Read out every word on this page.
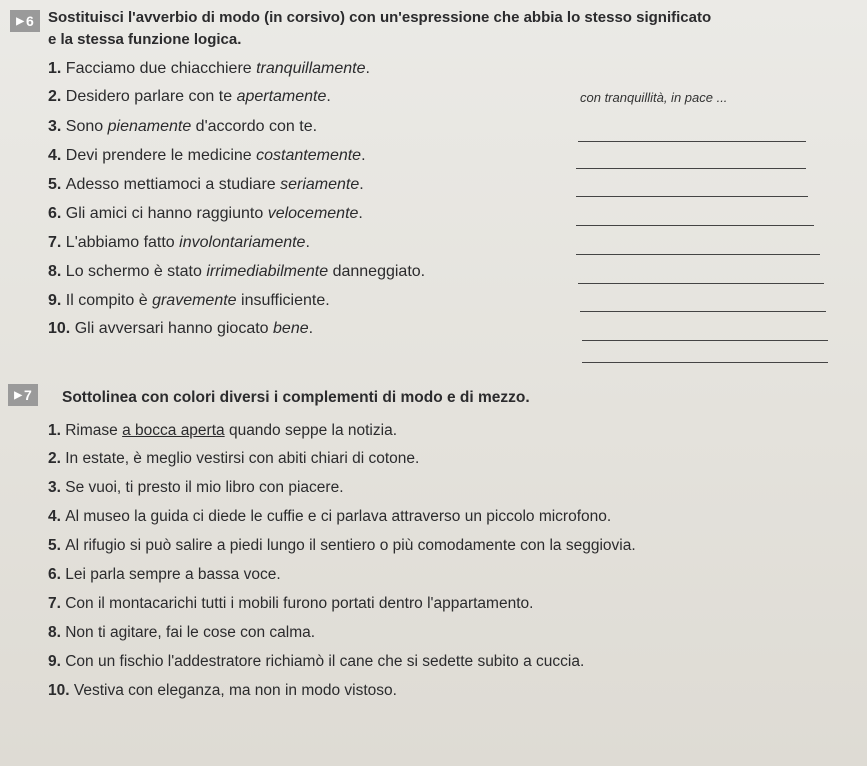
▶ 6 Sostituisci l'avverbio di modo (in corsivo) con un'espressione che abbia lo stesso significato
e la stessa funzione logica.
1. Facciamo due chiacchiere tranquillamente.
2. Desidero parlare con te apertamente.
3. Sono pienamente d'accordo con te.
4. Devi prendere le medicine costantemente.
5. Adesso mettiamoci a studiare seriamente.
6. Gli amici ci hanno raggiunto velocemente.
7. L'abbiamo fatto involontariamente.
8. Lo schermo è stato irrimediabilmente danneggiato.
9. Il compito è gravemente insufficiente.
10. Gli avversari hanno giocato bene.
con tranquillità, in pace ...
▶ 7 Sottolinea con colori diversi i complementi di modo e di mezzo.
1. Rimase a bocca aperta quando seppe la notizia.
2. In estate, è meglio vestirsi con abiti chiari di cotone.
3. Se vuoi, ti presto il mio libro con piacere.
4. Al museo la guida ci diede le cuffie e ci parlava attraverso un piccolo microfono.
5. Al rifugio si può salire a piedi lungo il sentiero o più comodamente con la seggiovia.
6. Lei parla sempre a bassa voce.
7. Con il montacarichi tutti i mobili furono portati dentro l'appartamento.
8. Non ti agitare, fai le cose con calma.
9. Con un fischio l'addestratore richiamò il cane che si sedette subito a cuccia.
10. Vestiva con eleganza, ma non in modo vistoso.
